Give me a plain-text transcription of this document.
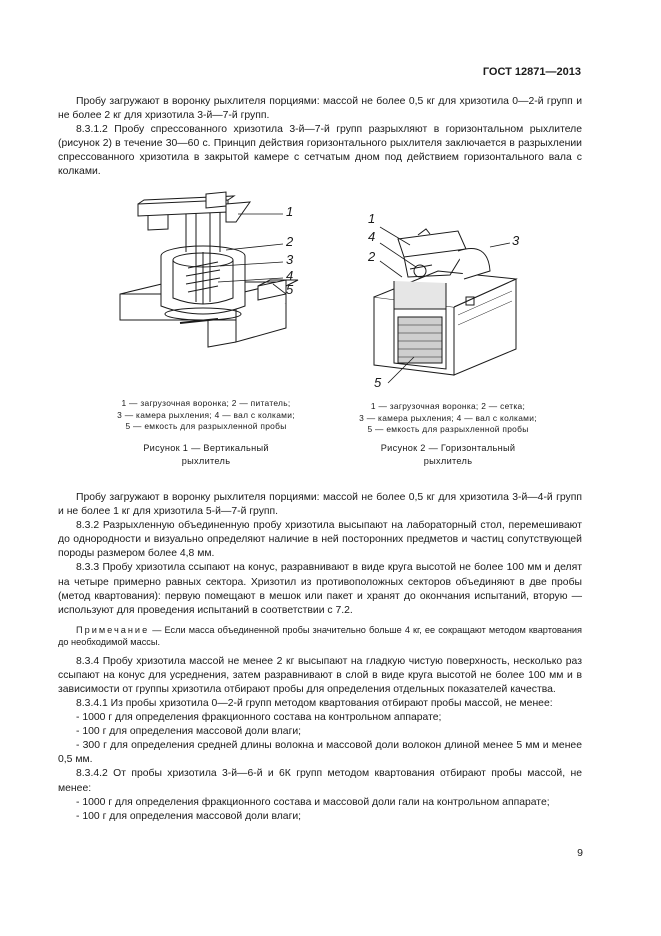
ГОСТ 12871—2013

Пробу загружают в воронку рыхлителя порциями: массой не более 0,5 кг для хризотила 0—2-й групп и не более 2 кг для хризотила 3-й—7-й групп.

8.3.1.2 Пробу спрессованного хризотила 3-й—7-й групп разрыхляют в горизонтальном рыхлителе (рисунок 2) в течение 30—60 с. Принцип действия горизонтального рыхлителя заключается в разрыхлении спрессованного хризотила в закрытой камере с сетчатым дном под действием горизонтального вала с колками.

1
2
3
4
5
1 — загрузочная воронка; 2 — питатель;
3 — камера рыхления; 4 — вал с колками;
5 — емкость для разрыхленной пробы
Рисунок 1 — Вертикальный
рыхлитель
1
4
2
3
5
1 — загрузочная воронка; 2 — сетка;
3 — камера рыхления; 4 — вал с колками;
5 — емкость для разрыхленной пробы
Рисунок 2 — Горизонтальный
рыхлитель

Пробу загружают в воронку рыхлителя порциями: массой не более 0,5 кг для хризотила 3-й—4-й групп и не более 1 кг для хризотила 5-й—7-й групп.

8.3.2 Разрыхленную объединенную пробу хризотила высыпают на лабораторный стол, перемешивают до однородности и визуально определяют наличие в ней посторонних предметов и частиц сопутствующей породы размером более 4,8 мм.

8.3.3 Пробу хризотила ссыпают на конус, разравнивают в виде круга высотой не более 100 мм и делят на четыре примерно равных сектора. Хризотил из противоположных секторов объединяют в две пробы (метод квартования): первую помещают в мешок или пакет и хранят до окончания испытаний, вторую — используют для проведения испытаний в соответствии с 7.2.

Примечание — Если масса объединенной пробы значительно больше 4 кг, ее сокращают методом квартования до необходимой массы.

8.3.4 Пробу хризотила массой не менее 2 кг высыпают на гладкую чистую поверхность, несколько раз ссыпают на конус для усреднения, затем разравнивают в слой в виде круга высотой не более 100 мм и в зависимости от группы хризотила отбирают пробы для определения отдельных показателей качества.

8.3.4.1 Из пробы хризотила 0—2-й групп методом квартования отбирают пробы массой, не менее:

- 1000 г для определения фракционного состава на контрольном аппарате;

- 100 г для определения массовой доли влаги;

- 300 г для определения средней длины волокна и массовой доли волокон длиной менее 5 мм и менее 0,5 мм.

8.3.4.2 От пробы хризотила 3-й—6-й и 6К групп методом квартования отбирают пробы массой, не менее:

- 1000 г для определения фракционного состава и массовой доли гали на контрольном аппарате;

- 100 г для определения массовой доли влаги;

9
